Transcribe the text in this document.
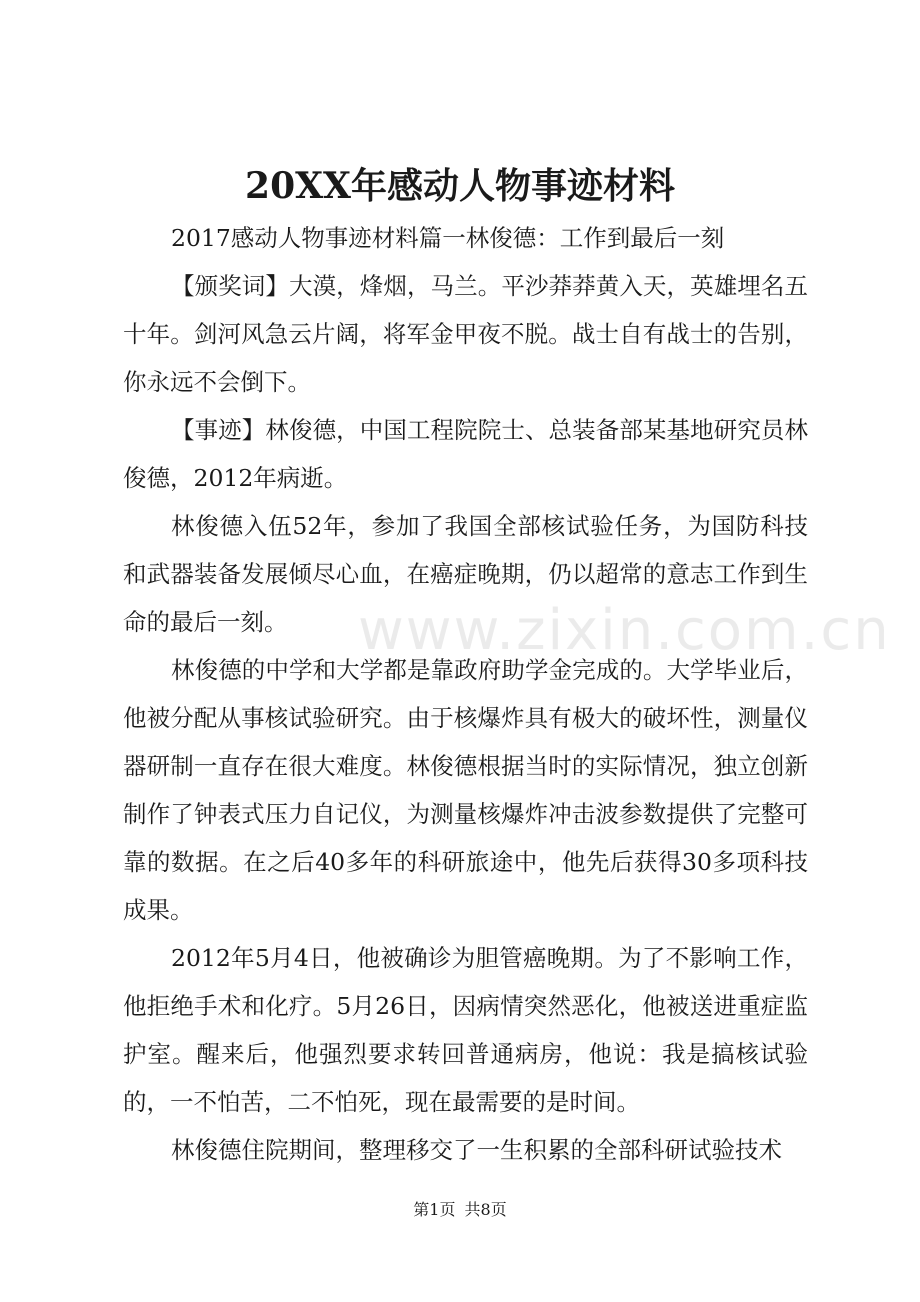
20XX年感动人物事迹材料

2017感动人物事迹材料篇一林俊德：工作到最后一刻

【颁奖词】大漠，烽烟，马兰。平沙莽莽黄入天，英雄埋名五十年。剑河风急云片阔，将军金甲夜不脱。战士自有战士的告别，你永远不会倒下。

【事迹】林俊德，中国工程院院士、总装备部某基地研究员林俊德，2012年病逝。

林俊德入伍52年，参加了我国全部核试验任务，为国防科技和武器装备发展倾尽心血，在癌症晚期，仍以超常的意志工作到生命的最后一刻。

林俊德的中学和大学都是靠政府助学金完成的。大学毕业后，他被分配从事核试验研究。由于核爆炸具有极大的破坏性，测量仪器研制一直存在很大难度。林俊德根据当时的实际情况，独立创新制作了钟表式压力自记仪，为测量核爆炸冲击波参数提供了完整可靠的数据。在之后40多年的科研旅途中，他先后获得30多项科技成果。

2012年5月4日，他被确诊为胆管癌晚期。为了不影响工作，他拒绝手术和化疗。5月26日，因病情突然恶化，他被送进重症监护室。醒来后，他强烈要求转回普通病房，他说：我是搞核试验的，一不怕苦，二不怕死，现在最需要的是时间。

林俊德住院期间，整理移交了一生积累的全部科研试验技术

www.zixin.com.cn
第1页 共8页
